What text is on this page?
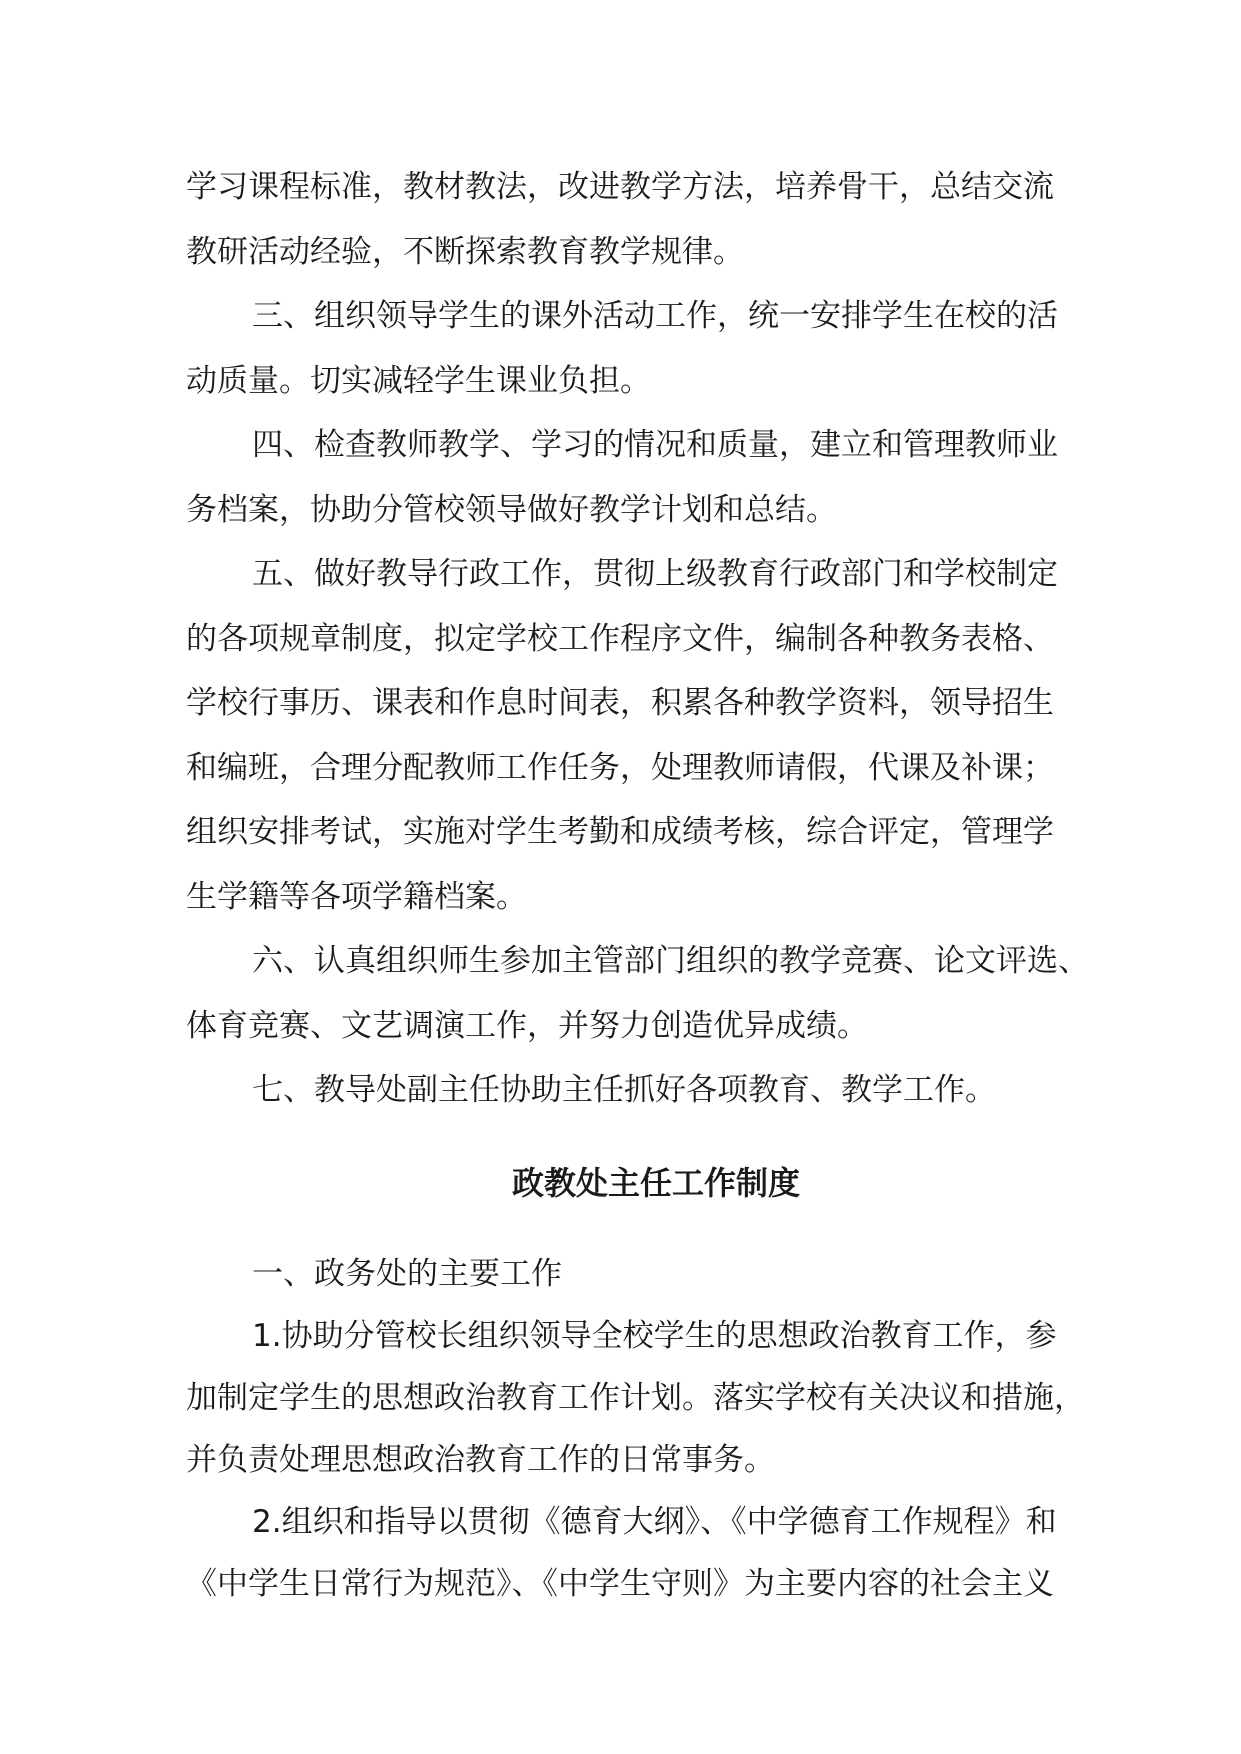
学习课程标准，教材教法，改进教学方法，培养骨干，总结交流
教研活动经验，不断探索教育教学规律。
三、组织领导学生的课外活动工作，统一安排学生在校的活
动质量。切实减轻学生课业负担。
四、检查教师教学、学习的情况和质量，建立和管理教师业
务档案，协助分管校领导做好教学计划和总结。
五、做好教导行政工作，贯彻上级教育行政部门和学校制定
的各项规章制度，拟定学校工作程序文件，编制各种教务表格、
学校行事历、课表和作息时间表，积累各种教学资料，领导招生
和编班，合理分配教师工作任务，处理教师请假，代课及补课；
组织安排考试，实施对学生考勤和成绩考核，综合评定，管理学
生学籍等各项学籍档案。
六、认真组织师生参加主管部门组织的教学竞赛、论文评选、
体育竞赛、文艺调演工作，并努力创造优异成绩。
七、教导处副主任协助主任抓好各项教育、教学工作。
政教处主任工作制度
一、政务处的主要工作
1.协助分管校长组织领导全校学生的思想政治教育工作，参
加制定学生的思想政治教育工作计划。落实学校有关决议和措施，
并负责处理思想政治教育工作的日常事务。
2.组织和指导以贯彻《德育大纲》、《中学德育工作规程》和
《中学生日常行为规范》、《中学生守则》为主要内容的社会主义
